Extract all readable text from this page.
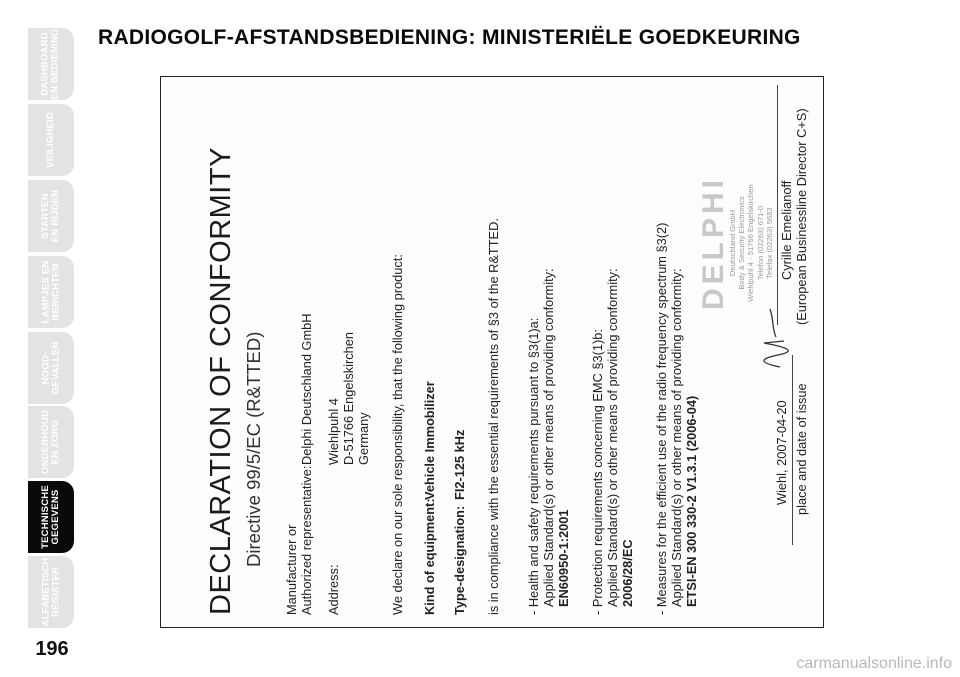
DASHBOARD
EN BEDIENING
VEILIGHEID
STARTEN
EN RIJDEN
LAMPJES EN
BERICHTEN
NOOD-
GEVALLEN
ONDERHOUD
EN ZORG
TECHNISCHE
GEGEVENS
ALFABETISCH
REGISTER
196
RADIOGOLF-AFSTANDSBEDIENING: MINISTERIËLE GOEDKEURING
DECLARATION OF CONFORMITY Directive 99/5/EC (R&TTED)
Manufacturer or Authorized representative:
Delphi Deutschland GmbH
Address:
Wiehlpuhl 4 D-51766 Engelskirchen Germany We declare on our sole responsibility, that the following product: Kind of equipment:
Vehicle Immobilizer
Type-designation:
FI2-125 kHz is in compliance with the essential requirements of §3 of the R&TTED. - Health and safety requirements pursuant to §3(1)a: Applied Standard(s) or other means of providing conformity: EN60950-1:2001 - Protection requirements concerning EMC §3(1)b: Applied Standard(s) or other means of providing conformity: 2006/28/EC - Measures for the efficient use of the radio frequency spectrum §3(2) Applied Standard(s) or other means of providing conformity: ETSI-EN 300 330-2 V1.3.1 (2006-04)
DELPHI
Deutschland GmbH Body & Security Electronics Wiehlpuhl 4 · 51766 Engelskirchen Telefon (02263) 671-0 Telefax (02263) 5683
Wiehl, 2007-04-20 place and date of issue
Cyrille Emelianoff (European Businessline Director C+S)
carmanualsonline.info
